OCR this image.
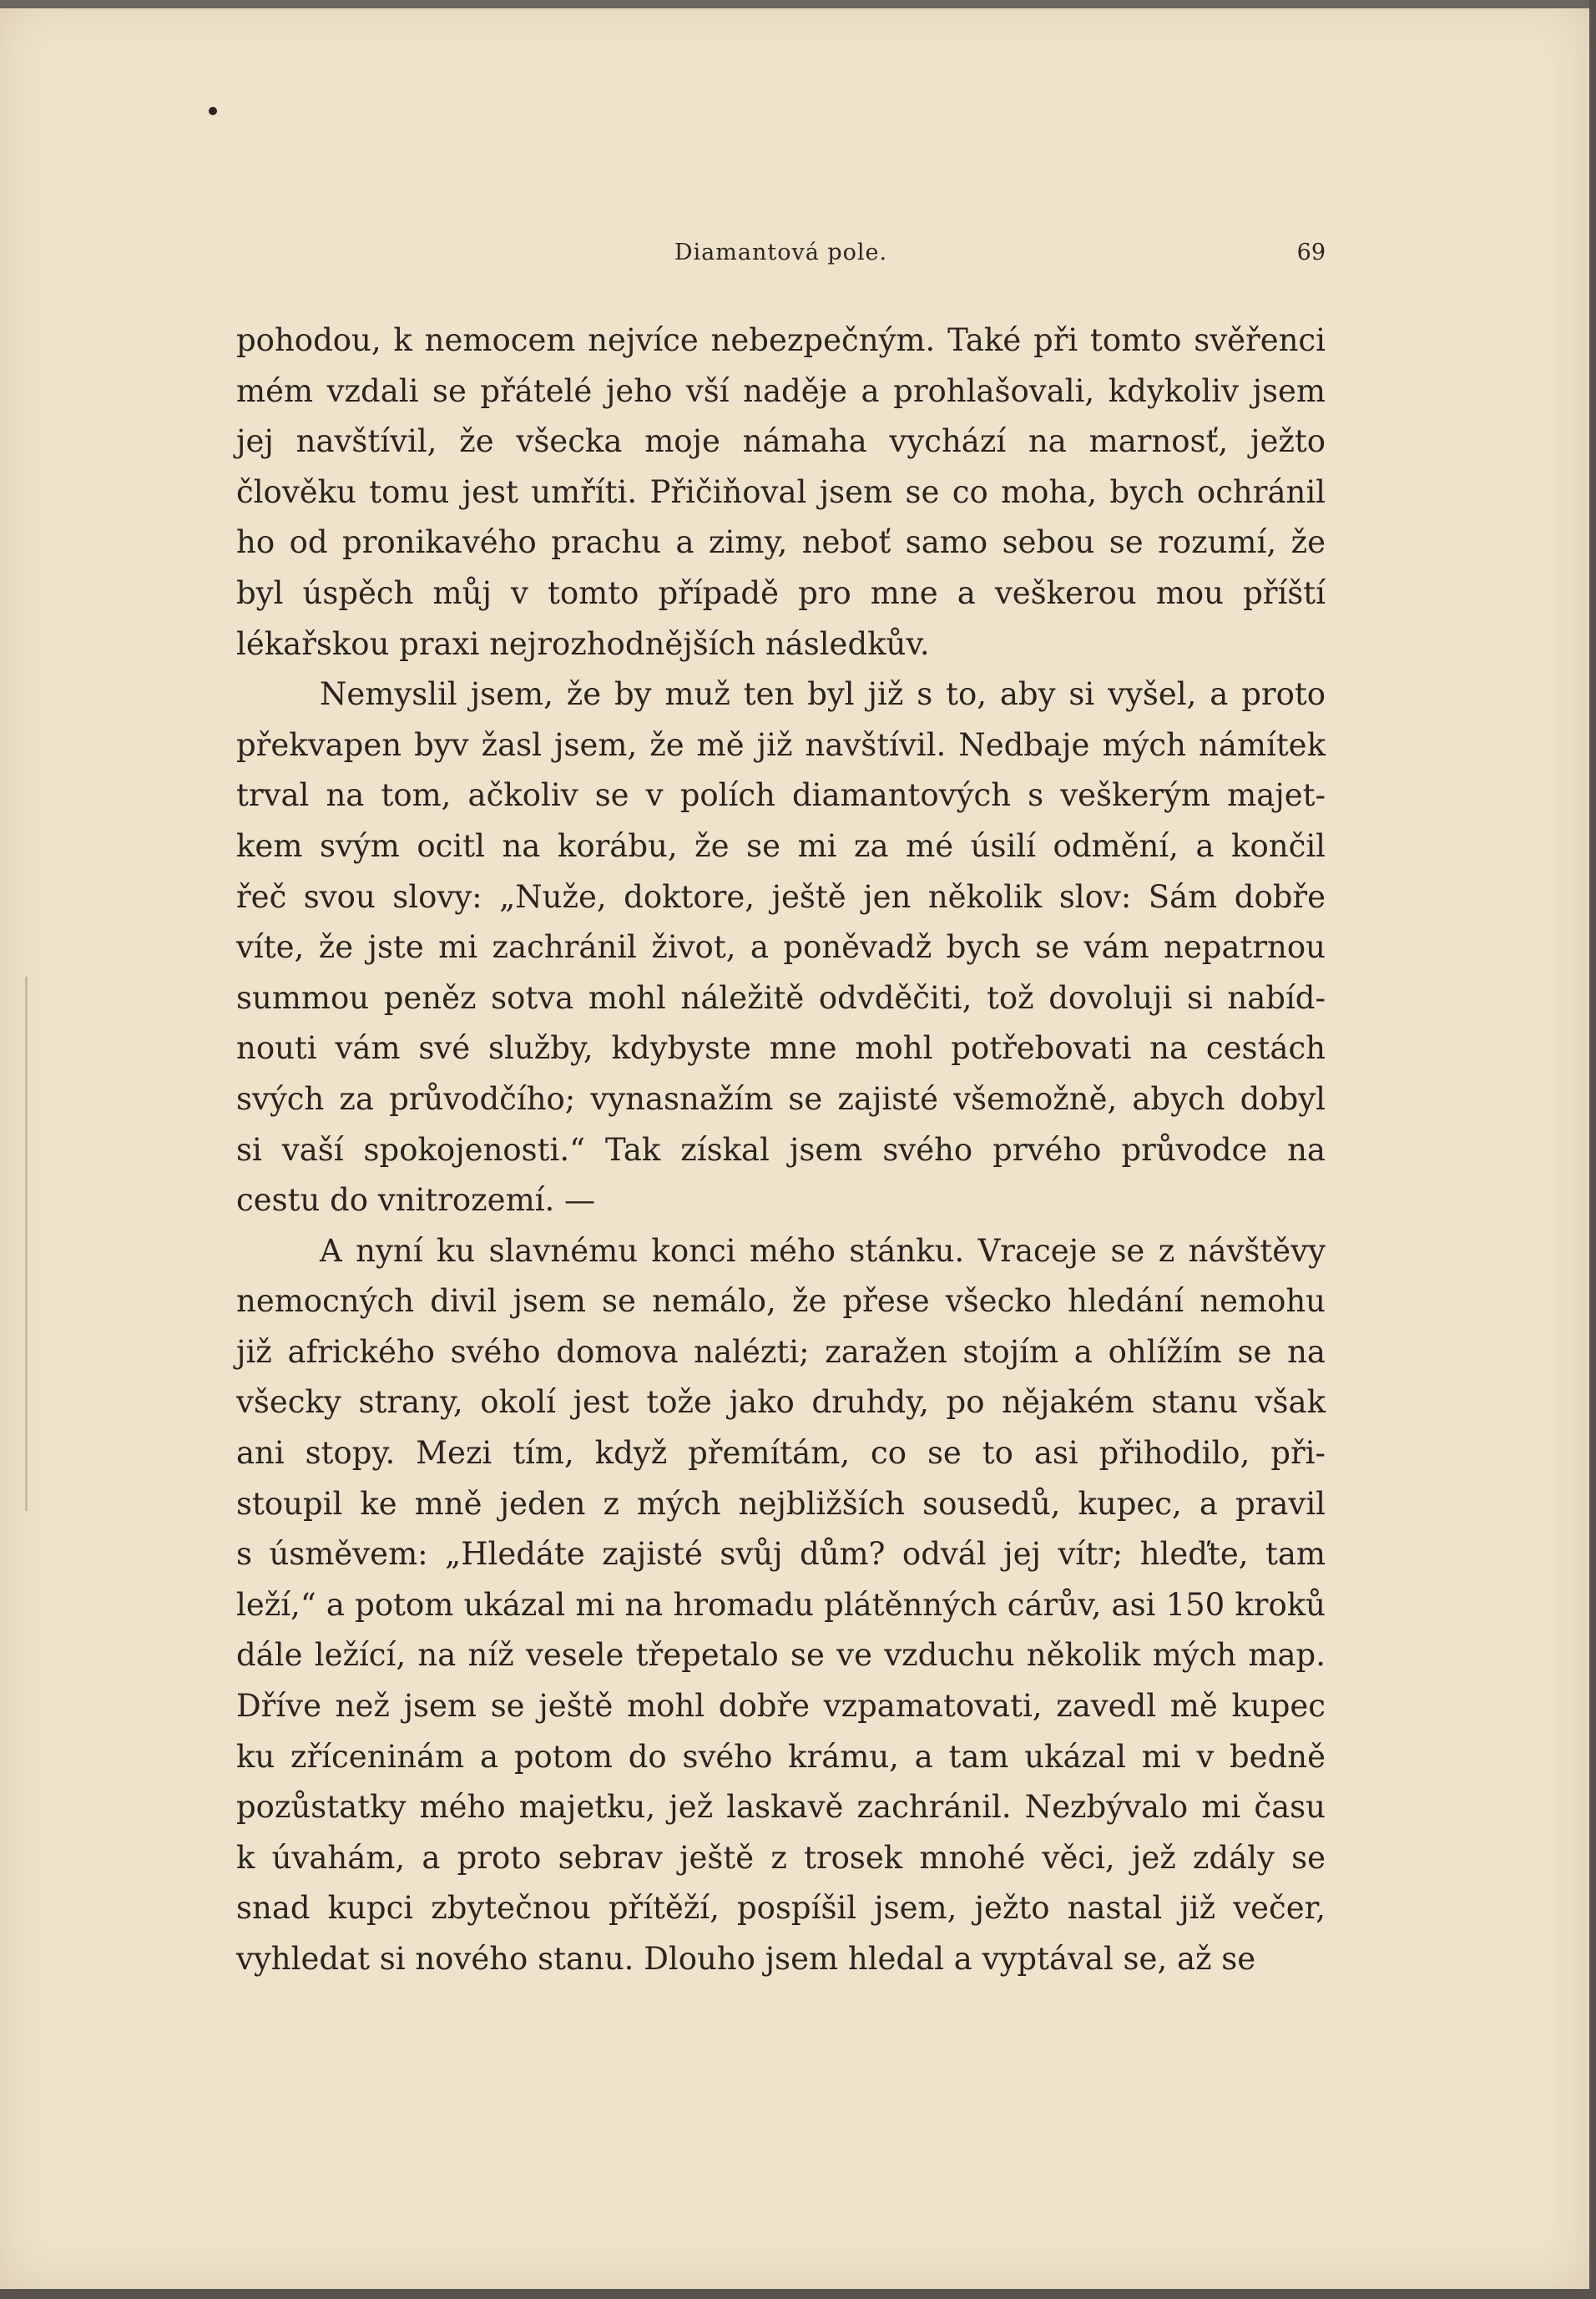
Diamantová pole.	69
pohodou, k nemocem nejvíce nebezpečným. Také při tomto svěřenci
mém vzdali se přátelé jeho vší naděje a prohlašovali, kdykoliv jsem
jej navštívil, že všecka moje námaha vychází na marnosť, ježto
člověku tomu jest umříti. Přičiňoval jsem se co moha, bych ochránil
ho od pronikavého prachu a zimy, neboť samo sebou se rozumí, že
byl úspěch můj v tomto případě pro mne a veškerou mou příští
lékařskou praxi nejrozhodnějších následkův.
Nemyslil jsem, že by muž ten byl již s to, aby si vyšel, a proto
překvapen byv žasl jsem, že mě již navštívil. Nedbaje mých námítek
trval na tom, ačkoliv se v polích diamantových s veškerým majet-
kem svým ocitl na korábu, že se mi za mé úsilí odmění, a končil
řeč svou slovy: „Nuže, doktore, ještě jen několik slov: Sám dobře
víte, že jste mi zachránil život, a poněvadž bych se vám nepatrnou
summou peněz sotva mohl náležitě odvděčiti, tož dovoluji si nabíd-
nouti vám své služby, kdybyste mne mohl potřebovati na cestách
svých za průvodčího; vynasnažím se zajisté všemožně, abych dobyl
si vaší spokojenosti.“ Tak získal jsem svého prvého průvodce na
cestu do vnitrozemí. —
A nyní ku slavnému konci mého stánku. Vraceje se z návštěvy
nemocných divil jsem se nemálo, že přese všecko hledání nemohu
již afrického svého domova nalézti; zaražen stojím a ohlížím se na
všecky strany, okolí jest tože jako druhdy, po nějakém stanu však
ani stopy. Mezi tím, když přemítám, co se to asi přihodilo, při-
stoupil ke mně jeden z mých nejbližších sousedů, kupec, a pravil
s úsměvem: „Hledáte zajisté svůj dům? odvál jej vítr; hleďte, tam
leží,“ a potom ukázal mi na hromadu plátěnných cárův, asi 150 kroků
dále ležící, na níž vesele třepetalo se ve vzduchu několik mých map.
Dříve než jsem se ještě mohl dobře vzpamatovati, zavedl mě kupec
ku zříceninám a potom do svého krámu, a tam ukázal mi v bedně
pozůstatky mého majetku, jež laskavě zachránil. Nezbývalo mi času
k úvahám, a proto sebrav ještě z trosek mnohé věci, jež zdály se
snad kupci zbytečnou přítěží, pospíšil jsem, ježto nastal již večer,
vyhledat si nového stanu. Dlouho jsem hledal a vyptával se, až se
